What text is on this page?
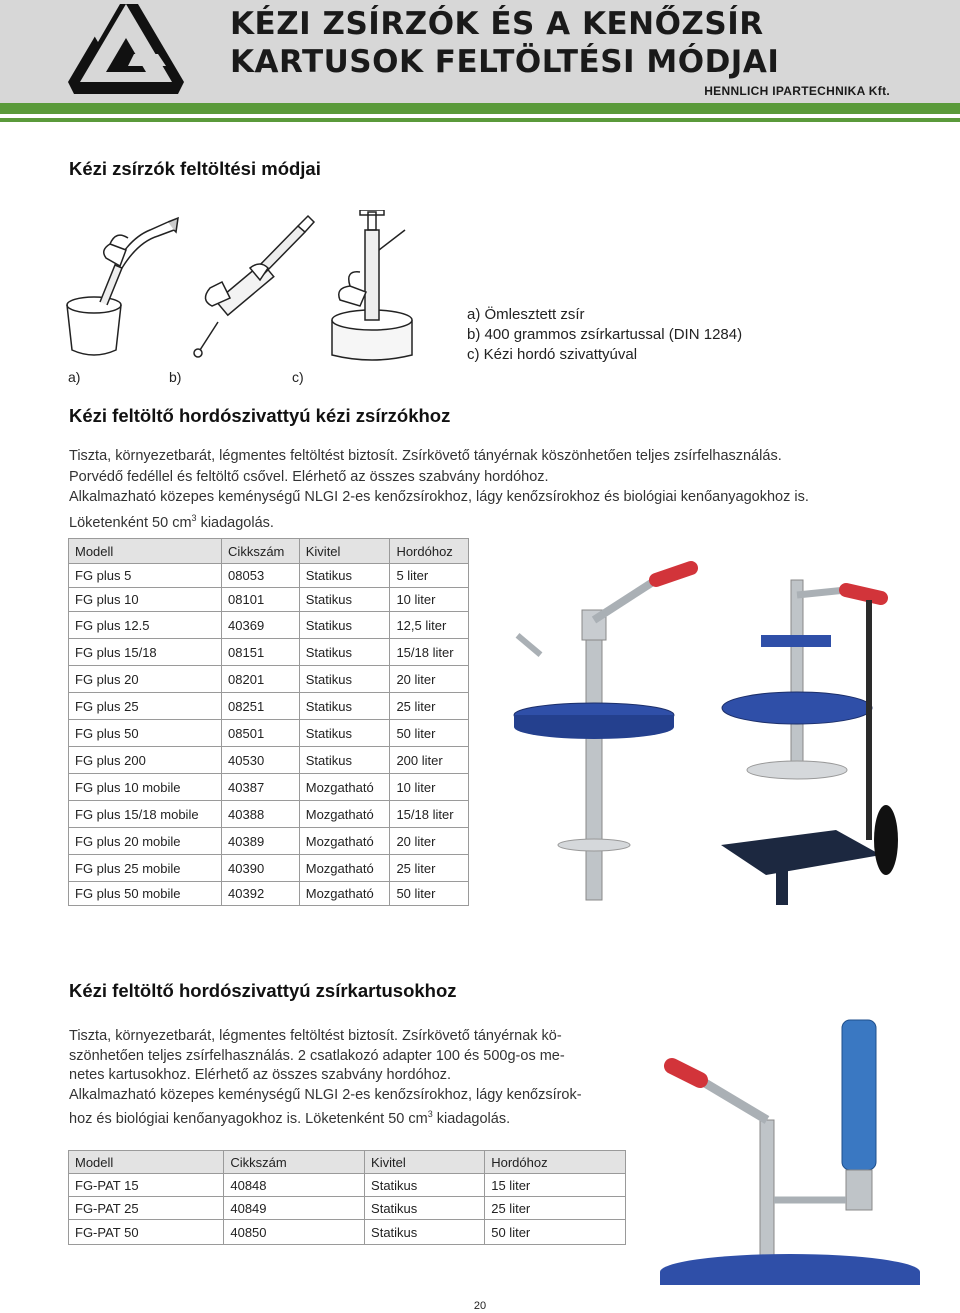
KÉZI ZSÍRZÓK ÉS A KENŐZSÍR
KARTUSOK FELTÖLTÉSI MÓDJAI
HENNLICH IPARTECHNIKA Kft.
Kézi zsírzók feltöltési módjai
a)	b)	c)
a) Ömlesztett zsír
b) 400 grammos zsírkartussal (DIN 1284)
c) Kézi hordó szivattyúval
Kézi feltöltő hordószivattyú kézi zsírzókhoz

Tiszta, környezetbarát, légmentes feltöltést biztosít. Zsírkövető tányérnak köszönhetően teljes zsírfelhasználás.

Porvédő fedéllel és feltöltő csővel. Elérhető az összes szabvány hordóhoz.

Alkalmazható közepes keménységű NLGI 2-es kenőzsírokhoz, lágy kenőzsírokhoz és biológiai kenőanyagokhoz is.

Löketenként 50 $cm^3$ kiadagolás.

Modell	Cikkszám	Kivitel	Hordóhoz
FG plus 5	08053	Statikus	5 liter
FG plus 10	08101	Statikus	10 liter
FG plus 12.5	40369	Statikus	12,5 liter
FG plus 15/18	08151	Statikus	15/18 liter
FG plus 20	08201	Statikus	20 liter
FG plus 25	08251	Statikus	25 liter
FG plus 50	08501	Statikus	50 liter
FG plus 200	40530	Statikus	200 liter
FG plus 10 mobile	40387	Mozgatható	10 liter
FG plus 15/18 mobile	40388	Mozgatható	15/18 liter
FG plus 20 mobile	40389	Mozgatható	20 liter
FG plus 25 mobile	40390	Mozgatható	25 liter
FG plus 50 mobile	40392	Mozgatható	50 liter
Kézi feltöltő hordószivattyú zsírkartusokhoz

Tiszta, környezetbarát, légmentes feltöltést biztosít. Zsírkövető tányérnak kö-

szönhetően teljes zsírfelhasználás. 2 csatlakozó adapter 100 és 500g-os me-

netes kartusokhoz. Elérhető az összes szabvány hordóhoz.

Alkalmazható közepes keménységű NLGI 2-es kenőzsírokhoz, lágy kenőzsírok-

hoz és biológiai kenőanyagokhoz is. Löketenként 50 $cm^3$ kiadagolás.

Modell	Cikkszám	Kivitel	Hordóhoz
FG-PAT 15	40848	Statikus	15 liter
FG-PAT 25	40849	Statikus	25 liter
FG-PAT 50	40850	Statikus	50 liter
20
